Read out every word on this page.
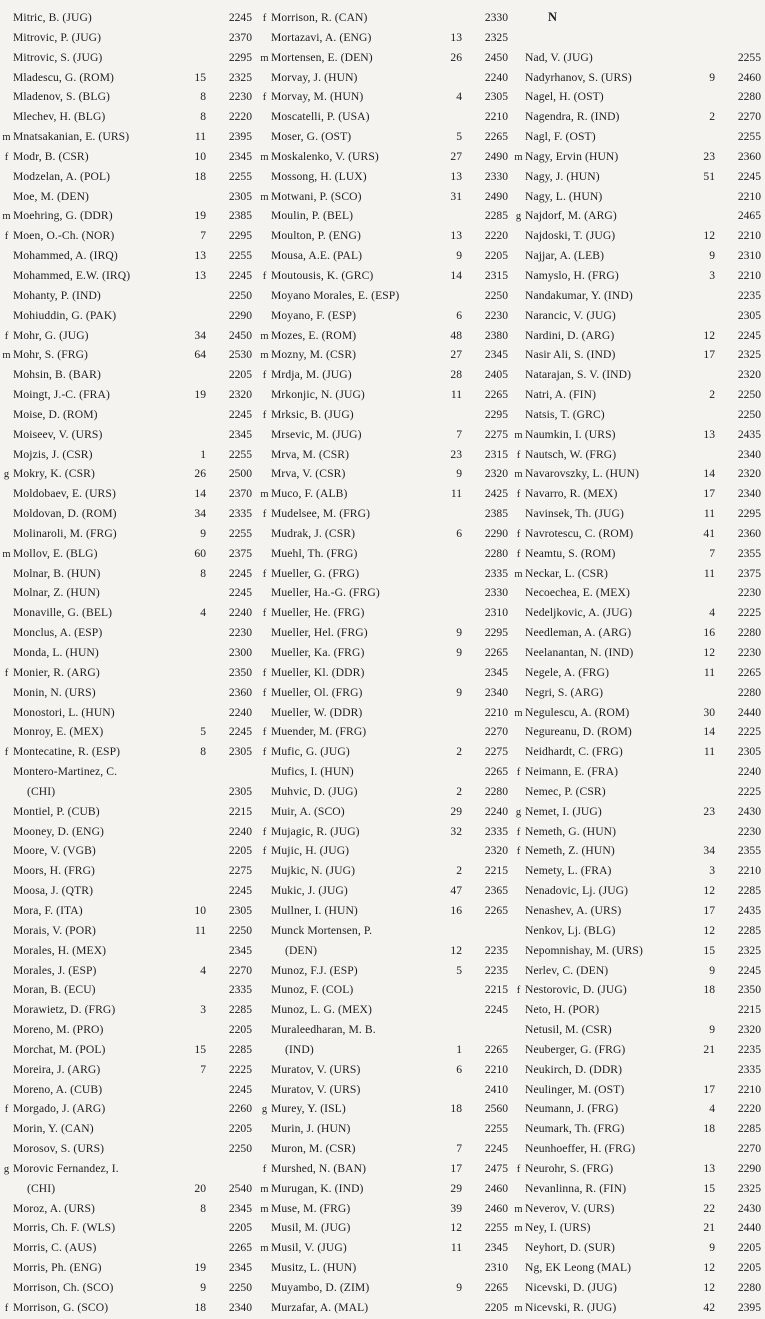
Mitric, B. (JUG)	2245
Mitrovic, P. (JUG)	2370
Mitrovic, S. (JUG)	2295
Mladescu, G. (ROM)	15	2325
Mladenov, S. (BLG)	8	2230
Mlechev, H. (BLG)	8	2220
m Mnatsakanian, E. (URS)	11	2395
f Modr, B. (CSR)	10	2345
Modzelan, A. (POL)	18	2255
Moe, M. (DEN)	2305
m Moehring, G. (DDR)	19	2385
f Moen, O.-Ch. (NOR)	7	2295
Mohammed, A. (IRQ)	13	2255
Mohammed, E.W. (IRQ)	13	2245
Mohanty, P. (IND)	2250
Mohiuddin, G. (PAK)	2290
f Mohr, G. (JUG)	34	2450
m Mohr, S. (FRG)	64	2530
Mohsin, B. (BAR)	2205
Moingt, J.-C. (FRA)	19	2320
Moise, D. (ROM)	2245
Moiseev, V. (URS)	2345
Mojzis, J. (CSR)	1	2255
g Mokry, K. (CSR)	26	2500
Moldobaev, E. (URS)	14	2370
Moldovan, D. (ROM)	34	2335
Molinaroli, M. (FRG)	9	2255
m Mollov, E. (BLG)	60	2375
Molnar, B. (HUN)	8	2245
Molnar, Z. (HUN)	2245
Monaville, G. (BEL)	4	2240
Monclus, A. (ESP)	2230
Monda, L. (HUN)	2300
f Monier, R. (ARG)	2350
Monin, N. (URS)	2360
Monostori, L. (HUN)	2240
Monroy, E. (MEX)	5	2245
f Montecatine, R. (ESP)	8	2305
Montero-Martinez, C.
(CHI)	2305
Montiel, P. (CUB)	2215
Mooney, D. (ENG)	2240
Moore, V. (VGB)	2205
Moors, H. (FRG)	2275
Moosa, J. (QTR)	2245
Mora, F. (ITA)	10	2305
Morais, V. (POR)	11	2250
Morales, H. (MEX)	2345
Morales, J. (ESP)	4	2270
Moran, B. (ECU)	2335
Morawietz, D. (FRG)	3	2285
Moreno, M. (PRO)	2205
Morchat, M. (POL)	15	2285
Moreira, J. (ARG)	7	2225
Moreno, A. (CUB)	2245
f Morgado, J. (ARG)	2260
Morin, Y. (CAN)	2205
Morosov, S. (URS)	2250
g Morovic Fernandez, I.
(CHI)	20	2540
Moroz, A. (URS)	8	2345
Morris, Ch. F. (WLS)	2205
Morris, C. (AUS)	2265
Morris, Ph. (ENG)	19	2345
Morrison, Ch. (SCO)	9	2250
f Morrison, G. (SCO)	18	2340
f Morrison, R. (CAN)	2330
Mortazavi, A. (ENG)	13	2325
m Mortensen, E. (DEN)	26	2450
Morvay, J. (HUN)	2240
f Morvay, M. (HUN)	4	2305
Moscatelli, P. (USA)	2210
Moser, G. (OST)	5	2265
m Moskalenko, V. (URS)	27	2490
Mossong, H. (LUX)	13	2330
m Motwani, P. (SCO)	31	2490
Moulin, P. (BEL)	2285
Moulton, P. (ENG)	13	2220
Mousa, A.E. (PAL)	9	2205
f Moutousis, K. (GRC)	14	2315
Moyano Morales, E. (ESP)	2250
Moyano, F. (ESP)	6	2230
m Mozes, E. (ROM)	48	2380
m Mozny, M. (CSR)	27	2345
f Mrdja, M. (JUG)	28	2405
Mrkonjic, N. (JUG)	11	2265
f Mrksic, B. (JUG)	2295
Mrsevic, M. (JUG)	7	2275
Mrva, M. (CSR)	23	2315
Mrva, V. (CSR)	9	2320
m Muco, F. (ALB)	11	2425
f Mudelsee, M. (FRG)	2385
Mudrak, J. (CSR)	6	2290
Muehl, Th. (FRG)	2280
f Mueller, G. (FRG)	2335
Mueller, Ha.-G. (FRG)	2330
f Mueller, He. (FRG)	2310
Mueller, Hel. (FRG)	9	2295
Mueller, Ka. (FRG)	9	2265
f Mueller, Kl. (DDR)	2345
f Mueller, Ol. (FRG)	9	2340
Mueller, W. (DDR)	2210
f Muender, M. (FRG)	2270
f Mufic, G. (JUG)	2	2275
Mufics, I. (HUN)	2265
Muhvic, D. (JUG)	2	2280
Muir, A. (SCO)	29	2240
f Mujagic, R. (JUG)	32	2335
f Mujic, H. (JUG)	2320
Mujkic, N. (JUG)	2	2215
Mukic, J. (JUG)	47	2365
Mullner, I. (HUN)	16	2265
Munck Mortensen, P.
(DEN)	12	2235
Munoz, F.J. (ESP)	5	2235
Munoz, F. (COL)	2215
Munoz, L. G. (MEX)	2245
Muraleedharan, M. B.
(IND)	1	2265
Muratov, V. (URS)	6	2210
Muratov, V. (URS)	2410
g Murey, Y. (ISL)	18	2560
Murin, J. (HUN)	2255
Muron, M. (CSR)	7	2245
f Murshed, N. (BAN)	17	2475
m Murugan, K. (IND)	29	2460
m Muse, M. (FRG)	39	2460
Musil, M. (JUG)	12	2255
m Musil, V. (JUG)	11	2345
Musitz, L. (HUN)	2310
Muyambo, D. (ZIM)	9	2265
Murzafar, A. (MAL)	2205
N
Nad, V. (JUG)	2255
Nadyrhanov, S. (URS)	9	2460
Nagel, H. (OST)	2280
Nagendra, R. (IND)	2	2270
Nagl, F. (OST)	2255
m Nagy, Ervin (HUN)	23	2360
Nagy, J. (HUN)	51	2245
Nagy, L. (HUN)	2210
g Najdorf, M. (ARG)	2465
Najdoski, T. (JUG)	12	2210
Najjar, A. (LEB)	9	2310
Namyslo, H. (FRG)	3	2210
Nandakumar, Y. (IND)	2235
Narancic, V. (JUG)	2305
Nardini, D. (ARG)	12	2245
Nasir Ali, S. (IND)	17	2325
Natarajan, S. V. (IND)	2320
Natri, A. (FIN)	2	2250
Natsis, T. (GRC)	2250
m Naumkin, I. (URS)	13	2435
f Nautsch, W. (FRG)	2340
m Navarovszky, L. (HUN)	14	2320
f Navarro, R. (MEX)	17	2340
Navinsek, Th. (JUG)	11	2295
f Navrotescu, C. (ROM)	41	2360
f Neamtu, S. (ROM)	7	2355
m Neckar, L. (CSR)	11	2375
Necoechea, E. (MEX)	2230
Nedeljkovic, A. (JUG)	4	2225
Needleman, A. (ARG)	16	2280
Neelanantan, N. (IND)	12	2230
Negele, A. (FRG)	11	2265
Negri, S. (ARG)	2280
m Negulescu, A. (ROM)	30	2440
Negureanu, D. (ROM)	14	2225
Neidhardt, C. (FRG)	11	2305
f Neimann, E. (FRA)	2240
Nemec, P. (CSR)	2225
g Nemet, I. (JUG)	23	2430
f Nemeth, G. (HUN)	2230
f Nemeth, Z. (HUN)	34	2355
Nemety, L. (FRA)	3	2210
Nenadovic, Lj. (JUG)	12	2285
Nenashev, A. (URS)	17	2435
Nenkov, Lj. (BLG)	12	2285
Nepomnishay, M. (URS)	15	2325
Nerlev, C. (DEN)	9	2245
f Nestorovic, D. (JUG)	18	2350
Neto, H. (POR)	2215
Netusil, M. (CSR)	9	2320
Neuberger, G. (FRG)	21	2235
Neukirch, D. (DDR)	2335
Neulinger, M. (OST)	17	2210
Neumann, J. (FRG)	4	2220
Neumark, Th. (FRG)	18	2285
Neunhoeffer, H. (FRG)	2270
f Neurohr, S. (FRG)	13	2290
Nevanlinna, R. (FIN)	15	2325
m Neverov, V. (URS)	22	2430
m Ney, I. (URS)	21	2440
Neyhort, D. (SUR)	9	2205
Ng, EK Leong (MAL)	12	2205
Nicevski, D. (JUG)	12	2280
m Nicevski, R. (JUG)	42	2395
